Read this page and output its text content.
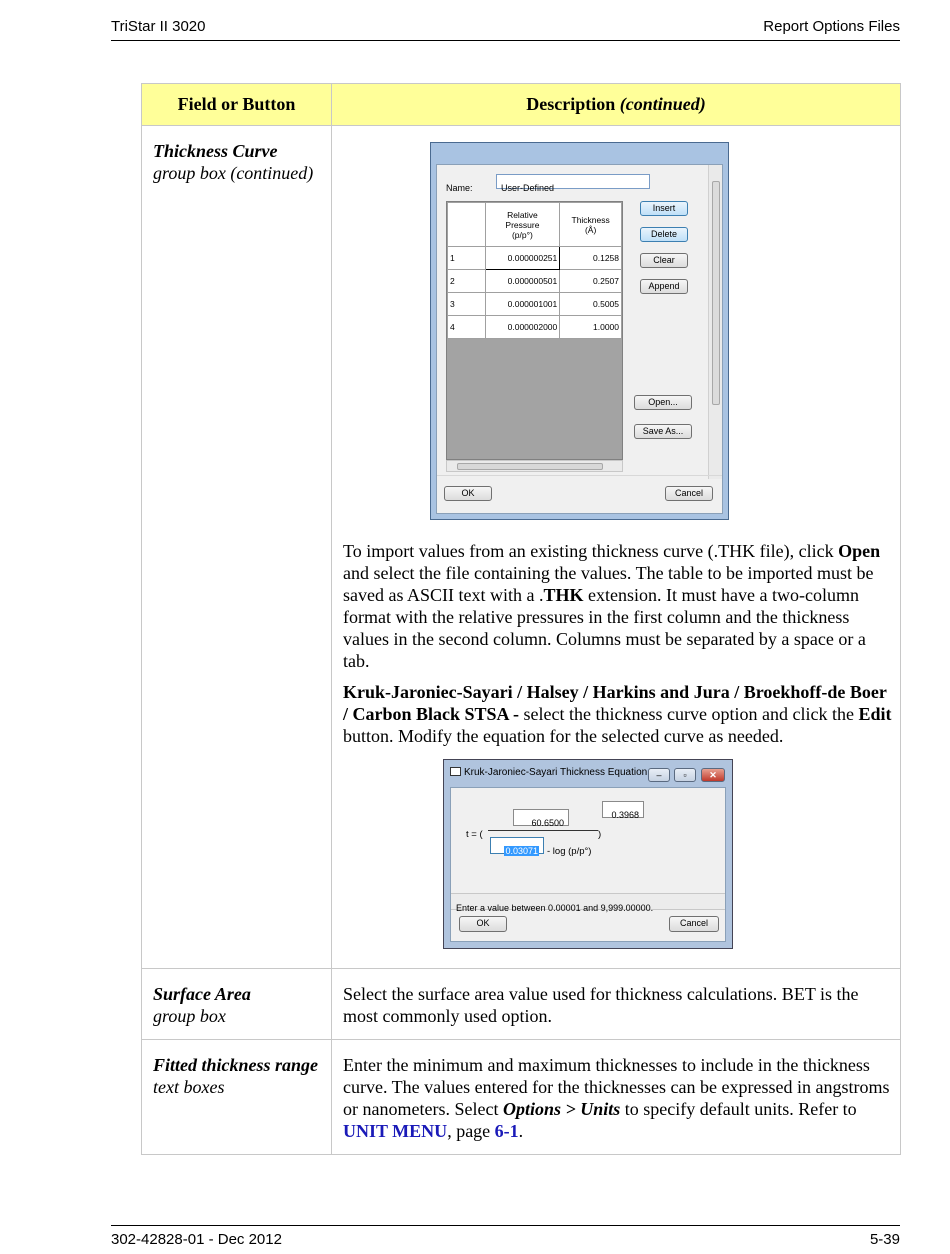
TriStar II 3020	Report Options Files
Field or Button	Description (continued)

Thickness Curve
group box (continued)

Name:	User-Defined

Relative
Pressure
(p/p°)

Thickness
(Å)

1	0.000000251	0.1258
2	0.000000501	0.2507
3	0.000001001	0.5005
4	0.000002000	1.0000
Insert
Delete
Clear
Append
Open...
Save As...
OK	Cancel

To import values from an existing thickness curve (.THK file), click Open and select the file containing the values. The table to be imported must be saved as ASCII text with a .THK extension. It must have a two-column format with the relative pressures in the first column and the thickness values in the second column. Columns must be separated by a space or a tab.

Kruk-Jaroniec-Sayari / Halsey / Harkins and Jura / Broekhoff-de Boer / Carbon Black STSA - select the thickness curve option and click the Edit button. Modify the equation for the selected curve as needed.

Kruk-Jaroniec-Sayari Thickness Equation	–	▫	✕
t = (	)
60.6500
0.3968
0.03071 - log (p/p°)
Enter a value between 0.00001 and 9,999.00000.
OK	Cancel

Surface Area
group box
	Select the surface area value used for thickness calculations. BET is the most commonly used option.

Fitted thickness range
text boxes
	Enter the minimum and maximum thicknesses to include in the thickness curve. The values entered for the thicknesses can be expressed in angstroms or nanometers. Select Options > Units to specify default units. Refer to UNIT MENU, page 6-1.
302-42828-01 - Dec 2012	5-39
